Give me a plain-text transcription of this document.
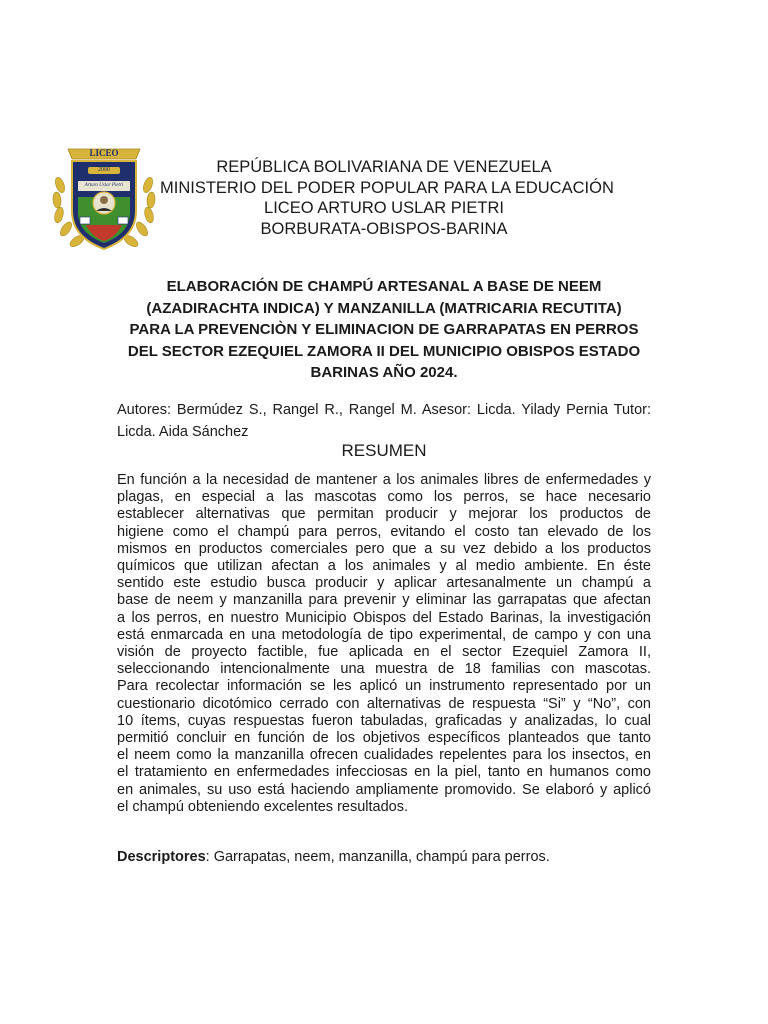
LICEO
2000
Arturo Uslar Pietri
REPÚBLICA BOLIVARIANA DE VENEZUELA
MINISTERIO DEL PODER POPULAR PARA LA EDUCACIÓN
LICEO ARTURO USLAR PIETRI
BORBURATA-OBISPOS-BARINA
ELABORACIÓN DE CHAMPÚ ARTESANAL A BASE DE NEEM
(AZADIRACHTA INDICA) Y MANZANILLA (MATRICARIA RECUTITA)
PARA LA PREVENCIÒN Y ELIMINACION DE GARRAPATAS EN PERROS
DEL SECTOR EZEQUIEL ZAMORA II DEL MUNICIPIO OBISPOS ESTADO
BARINAS AÑO 2024.
Autores: Bermúdez S., Rangel R., Rangel M. Asesor: Licda. Yilady Pernia Tutor: Licda. Aida Sánchez
RESUMEN
En función a la necesidad de mantener a los animales libres de enfermedades y
plagas, en especial a las mascotas como los perros, se hace necesario
establecer alternativas que permitan producir y mejorar los productos de
higiene como el champú para perros, evitando el costo tan elevado de los
mismos en productos comerciales pero que a su vez debido a los productos
químicos que utilizan afectan a los animales y al medio ambiente. En éste
sentido este estudio busca producir y aplicar artesanalmente un champú a
base de neem y manzanilla para prevenir y eliminar las garrapatas que afectan
a los perros, en nuestro Municipio Obispos del Estado Barinas, la investigación
está enmarcada en una metodología de tipo experimental, de campo y con una
visión de proyecto factible, fue aplicada en el sector Ezequiel Zamora II,
seleccionando intencionalmente una muestra de 18 familias con mascotas.
Para recolectar información se les aplicó un instrumento representado por un
cuestionario dicotómico cerrado con alternativas de respuesta “Si” y “No”, con
10 ítems, cuyas respuestas fueron tabuladas, graficadas y analizadas, lo cual
permitió concluir en función de los objetivos específicos planteados que tanto
el neem como la manzanilla ofrecen cualidades repelentes para los insectos, en
el tratamiento en enfermedades infecciosas en la piel, tanto en humanos como
en animales, su uso está haciendo ampliamente promovido. Se elaboró y aplicó
el champú obteniendo excelentes resultados.
Descriptores: Garrapatas, neem, manzanilla, champú para perros.
